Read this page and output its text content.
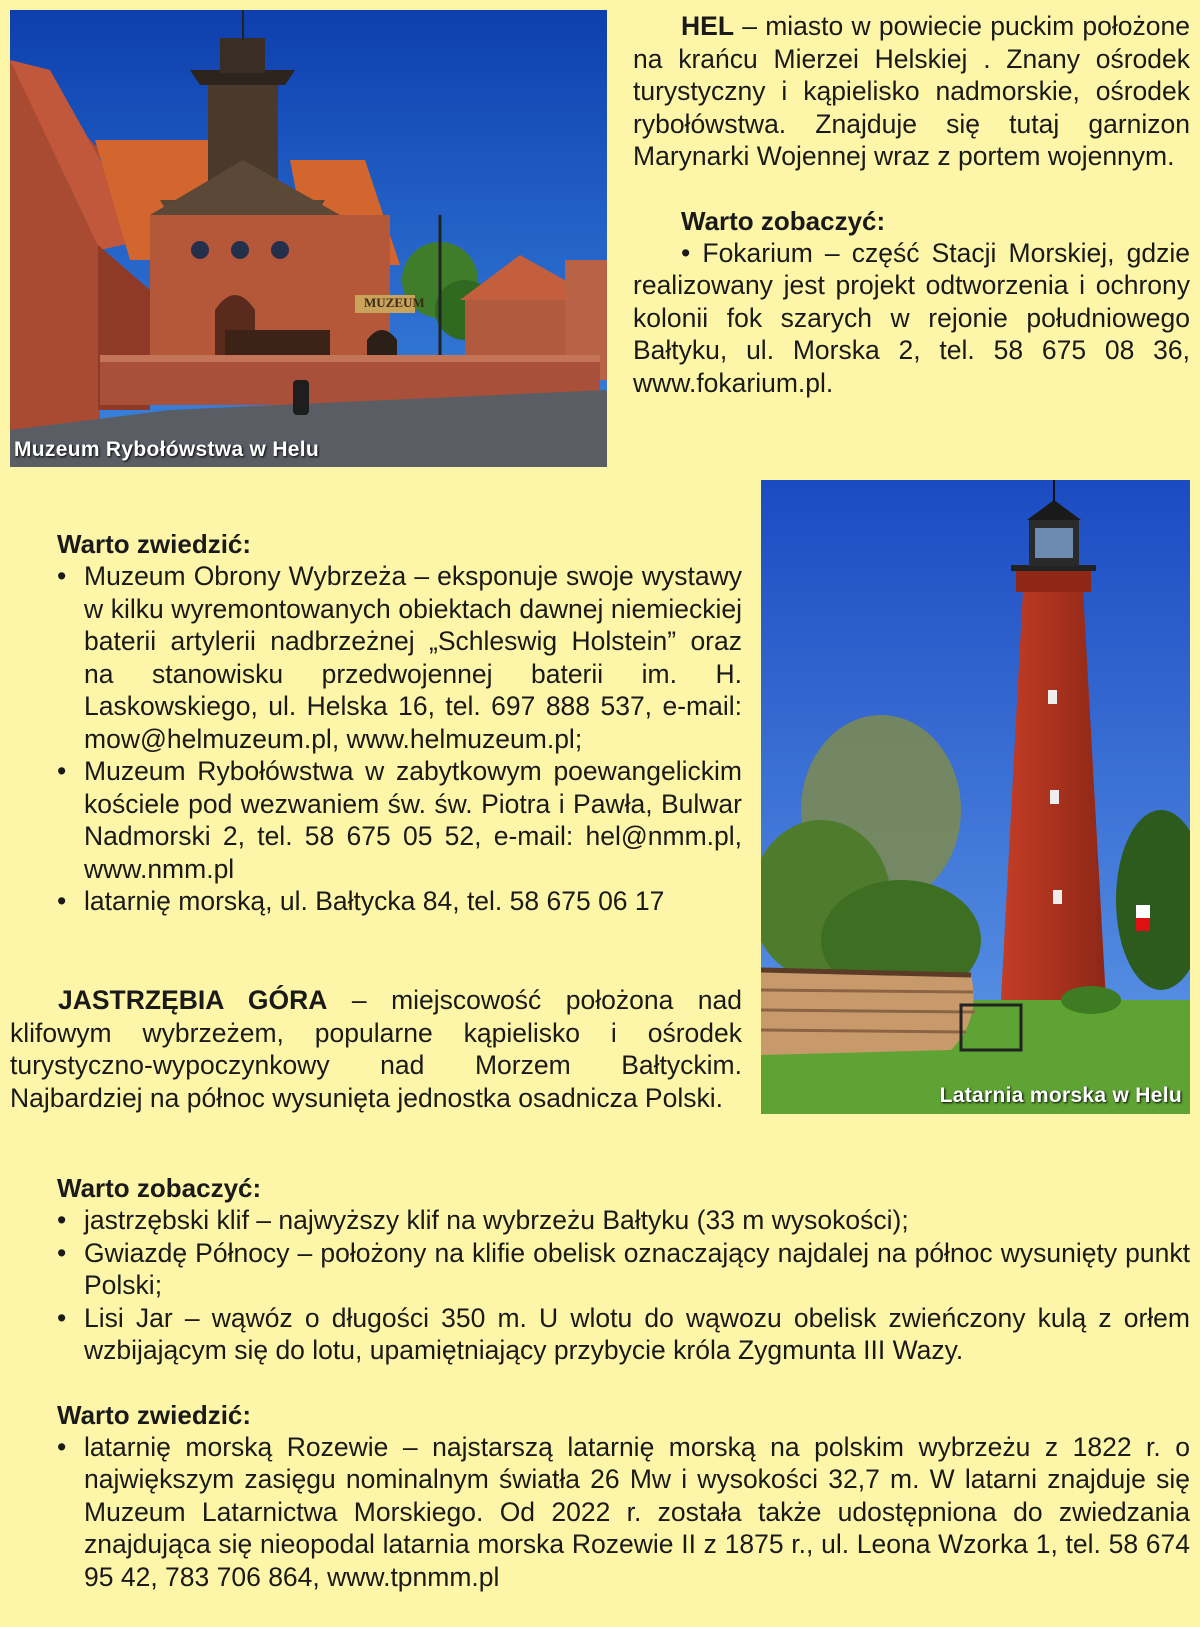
MUZEUM
Muzeum Rybołówstwa w Helu
Latarnia morska w Helu

HEL – miasto w powiecie puckim położone na krańcu Mierzei Helskiej . Znany ośrodek turystyczny i kąpielisko nadmorskie, ośrodek rybołówstwa. Znajduje się tutaj garnizon Marynarki Wojennej wraz z portem wojennym.

Warto zobaczyć:

• Fokarium – część Stacji Morskiej, gdzie realizowany jest projekt odtworzenia i ochrony kolonii fok szarych w rejonie południowego Bałtyku, ul. Morska 2, tel. 58 675 08 36, www.fokarium.pl.

Warto zwiedzić:

• Muzeum Obrony Wybrzeża – eksponuje swoje wystawy w kilku wyremontowanych obiektach dawnej niemieckiej baterii artylerii nadbrzeżnej „Schleswig Holstein” oraz na stanowisku przedwojennej baterii im. H. Laskowskiego, ul. Helska 16, tel. 697 888 537, e-mail: mow@helmuzeum.pl, www.helmuzeum.pl;
• Muzeum Rybołówstwa w zabytkowym poewangelickim kościele pod wezwaniem św. św. Piotra i Pawła, Bulwar Nadmorski 2, tel. 58 675 05 52, e-mail: hel@nmm.pl, www.nmm.pl
• latarnię morską, ul. Bałtycka 84, tel. 58 675 06 17

JASTRZĘBIA GÓRA – miejscowość położona nad klifowym wybrzeżem, popularne kąpielisko i ośrodek turystyczno-wypoczynkowy nad Morzem Bałtyckim. Najbardziej na północ wysunięta jednostka osadnicza Polski.

Warto zobaczyć:

• jastrzębski klif – najwyższy klif na wybrzeżu Bałtyku (33 m wysokości);
• Gwiazdę Północy – położony na klifie obelisk oznaczający najdalej na północ wysunięty punkt Polski;
• Lisi Jar – wąwóz o długości 350 m. U wlotu do wąwozu obelisk zwieńczony kulą z orłem wzbijającym się do lotu, upamiętniający przybycie króla Zygmunta III Wazy.

Warto zwiedzić:

• latarnię morską Rozewie – najstarszą latarnię morską na polskim wybrzeżu z 1822 r. o największym zasięgu nominalnym światła 26 Mw i wysokości 32,7 m. W latarni znajduje się Muzeum Latarnictwa Morskiego. Od 2022 r. została także udostępniona do zwiedzania znajdująca się nieopodal latarnia morska Rozewie II z 1875 r., ul. Leona Wzorka 1, tel. 58 674 95 42, 783 706 864, www.tpnmm.pl
